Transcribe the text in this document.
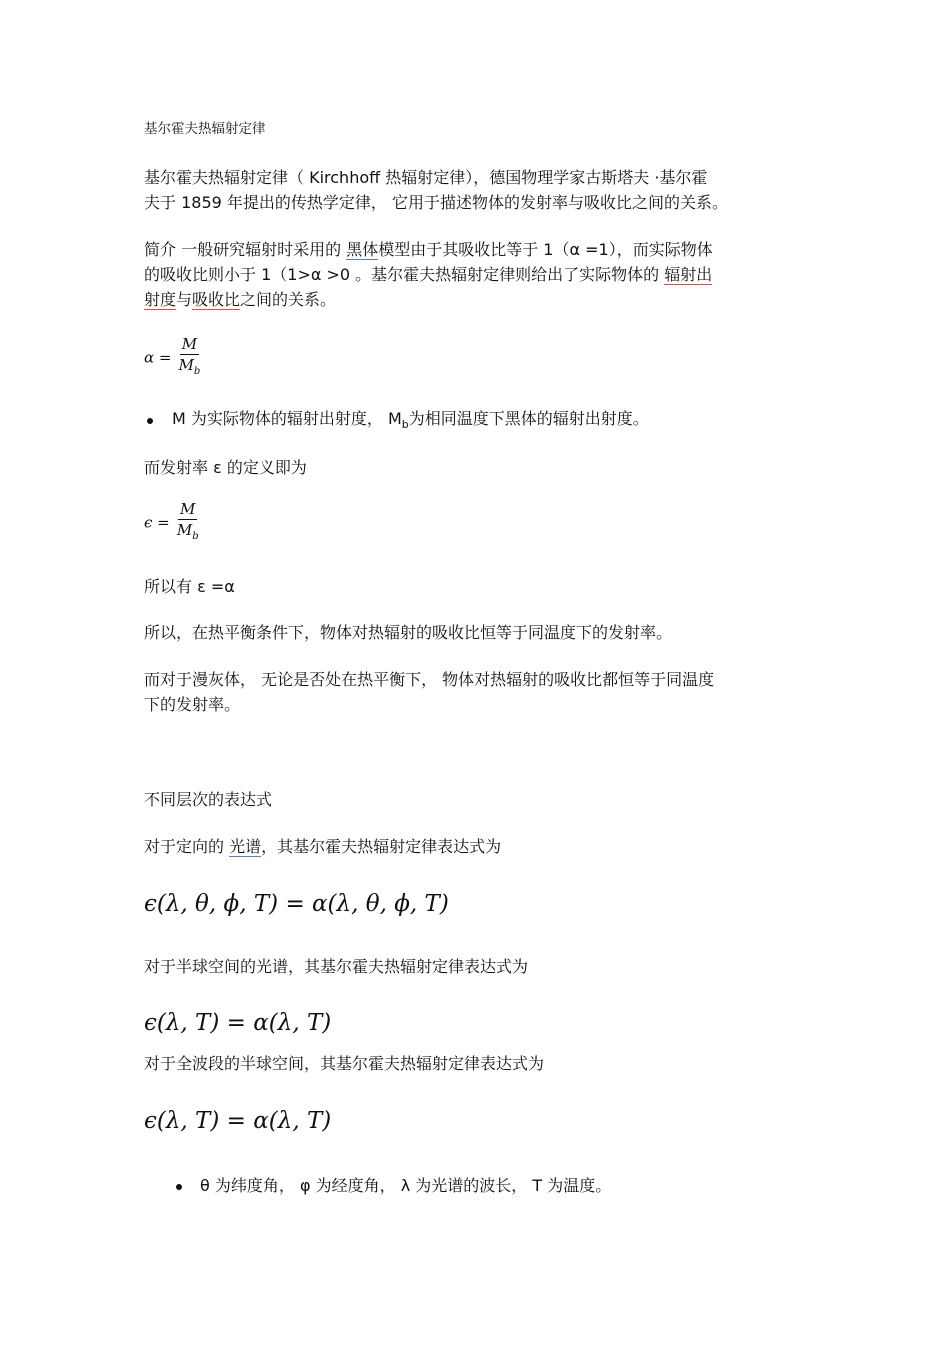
基尔霍夫热辐射定律
基尔霍夫热辐射定律（ Kirchhoff 热辐射定律），德国物理学家古斯塔夫 ·基尔霍
夫于 1859 年提出的传热学定律， 它用于描述物体的发射率与吸收比之间的关系。
简介 一般研究辐射时采用的 黑体模型由于其吸收比等于 1（α =1），而实际物体
的吸收比则小于 1（1>α >0 。基尔霍夫热辐射定律则给出了实际物体的 辐射出
射度与吸收比之间的关系。
$\alpha = \frac{M}{M_b}$
M 为实际物体的辐射出射度， $M_b$为相同温度下黑体的辐射出射度。
而发射率 ε 的定义即为
$\epsilon = \frac{M}{M_b}$
所以有 ε =α
所以，在热平衡条件下，物体对热辐射的吸收比恒等于同温度下的发射率。
而对于漫灰体， 无论是否处在热平衡下， 物体对热辐射的吸收比都恒等于同温度
下的发射率。
不同层次的表达式
对于定向的 光谱，其基尔霍夫热辐射定律表达式为
ϵ(λ, θ, ϕ, T) = α(λ, θ, ϕ, T)
对于半球空间的光谱，其基尔霍夫热辐射定律表达式为
ϵ(λ, T) = α(λ, T)
对于全波段的半球空间，其基尔霍夫热辐射定律表达式为
ϵ(λ, T) = α(λ, T)
θ 为纬度角， φ 为经度角， λ 为光谱的波长， T 为温度。
